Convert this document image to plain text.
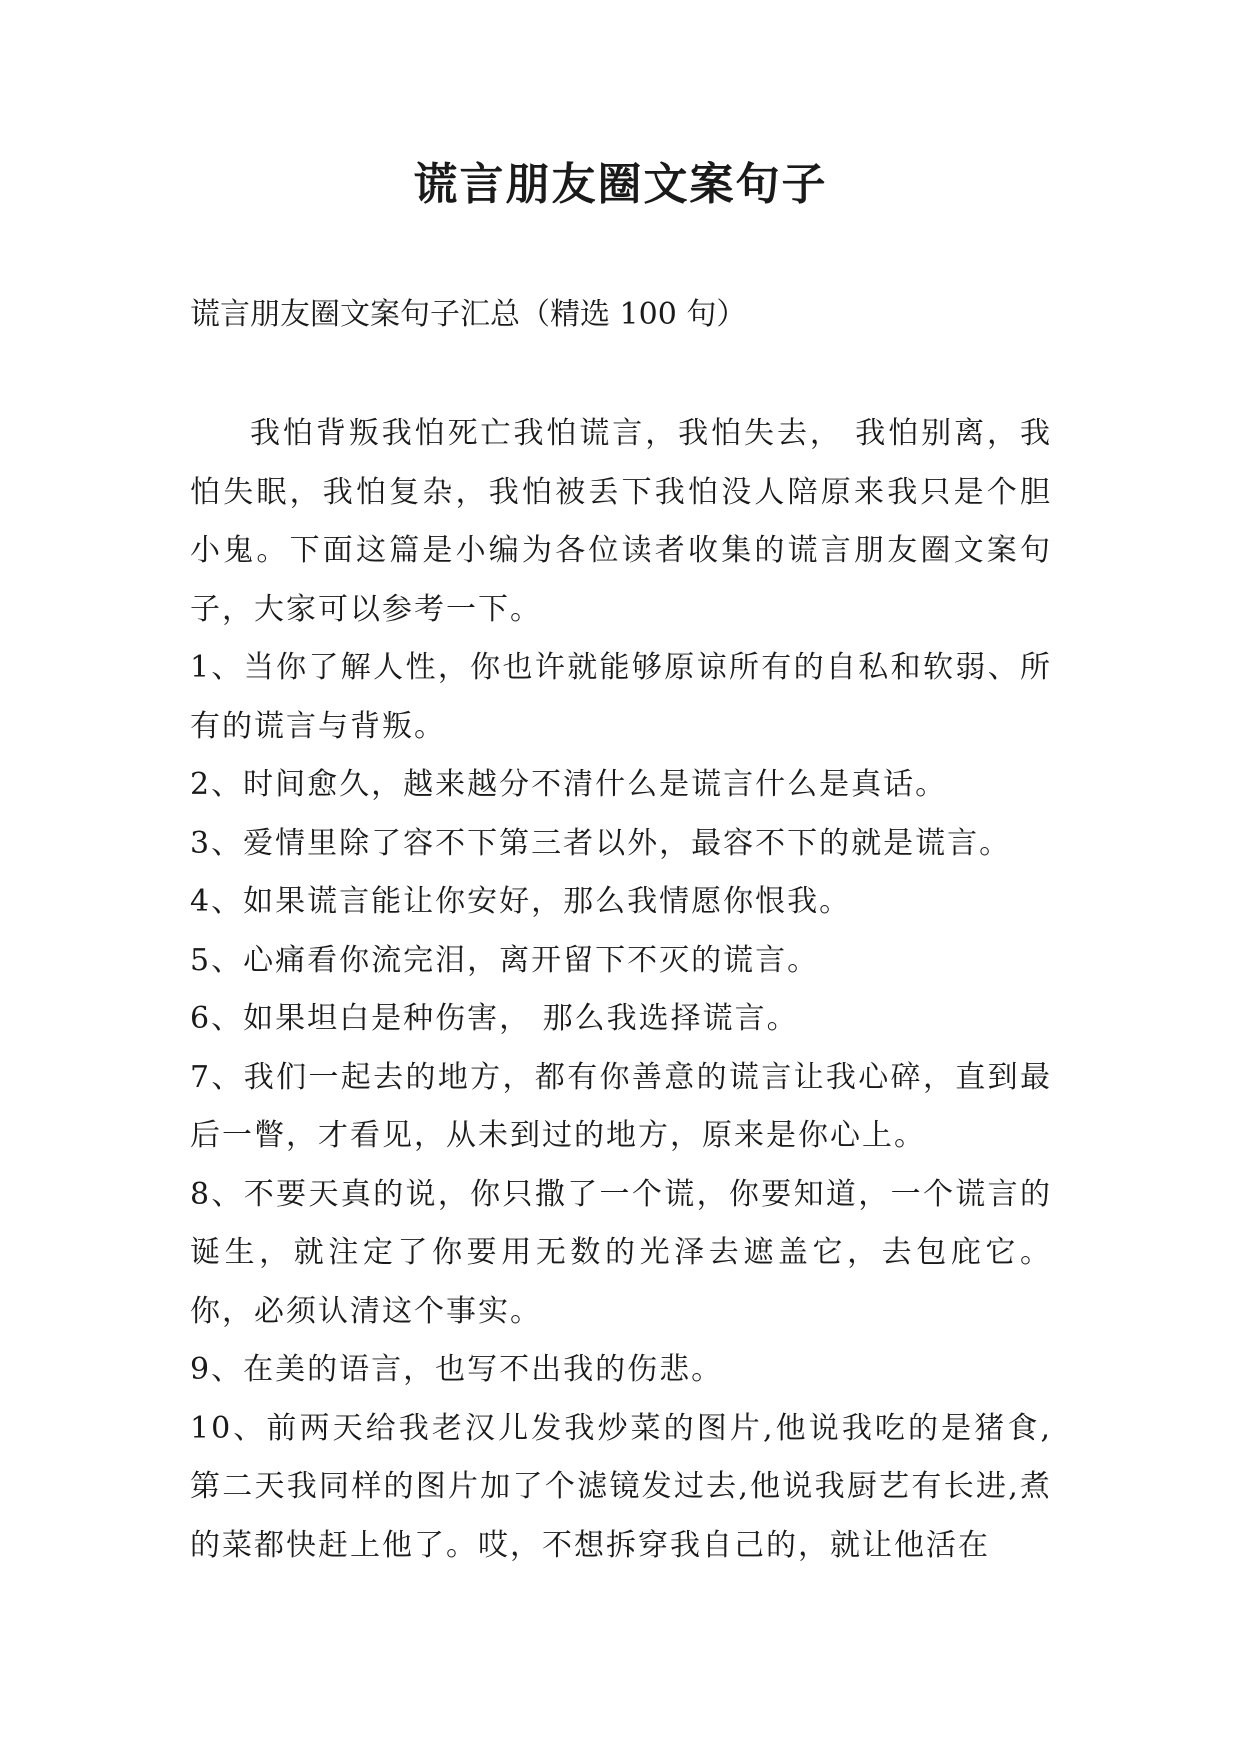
谎言朋友圈文案句子

谎言朋友圈文案句子汇总（精选 100 句）

我怕背叛我怕死亡我怕谎言，我怕失去， 我怕别离，我怕失眠，我怕复杂，我怕被丢下我怕没人陪原来我只是个胆小鬼。下面这篇是小编为各位读者收集的谎言朋友圈文案句子，大家可以参考一下。

1、当你了解人性，你也许就能够原谅所有的自私和软弱、所有的谎言与背叛。

2、时间愈久，越来越分不清什么是谎言什么是真话。

3、爱情里除了容不下第三者以外，最容不下的就是谎言。

4、如果谎言能让你安好，那么我情愿你恨我。

5、心痛看你流完泪，离开留下不灭的谎言。

6、如果坦白是种伤害， 那么我选择谎言。

7、我们一起去的地方，都有你善意的谎言让我心碎，直到最后一瞥，才看见，从未到过的地方，原来是你心上。

8、不要天真的说，你只撒了一个谎，你要知道，一个谎言的诞生，就注定了你要用无数的光泽去遮盖它，去包庇它。你，必须认清这个事实。

9、在美的语言，也写不出我的伤悲。

10、前两天给我老汉儿发我炒菜的图片,他说我吃的是猪食,第二天我同样的图片加了个滤镜发过去,他说我厨艺有长进,煮的菜都快赶上他了。哎，不想拆穿我自己的，就让他活在
